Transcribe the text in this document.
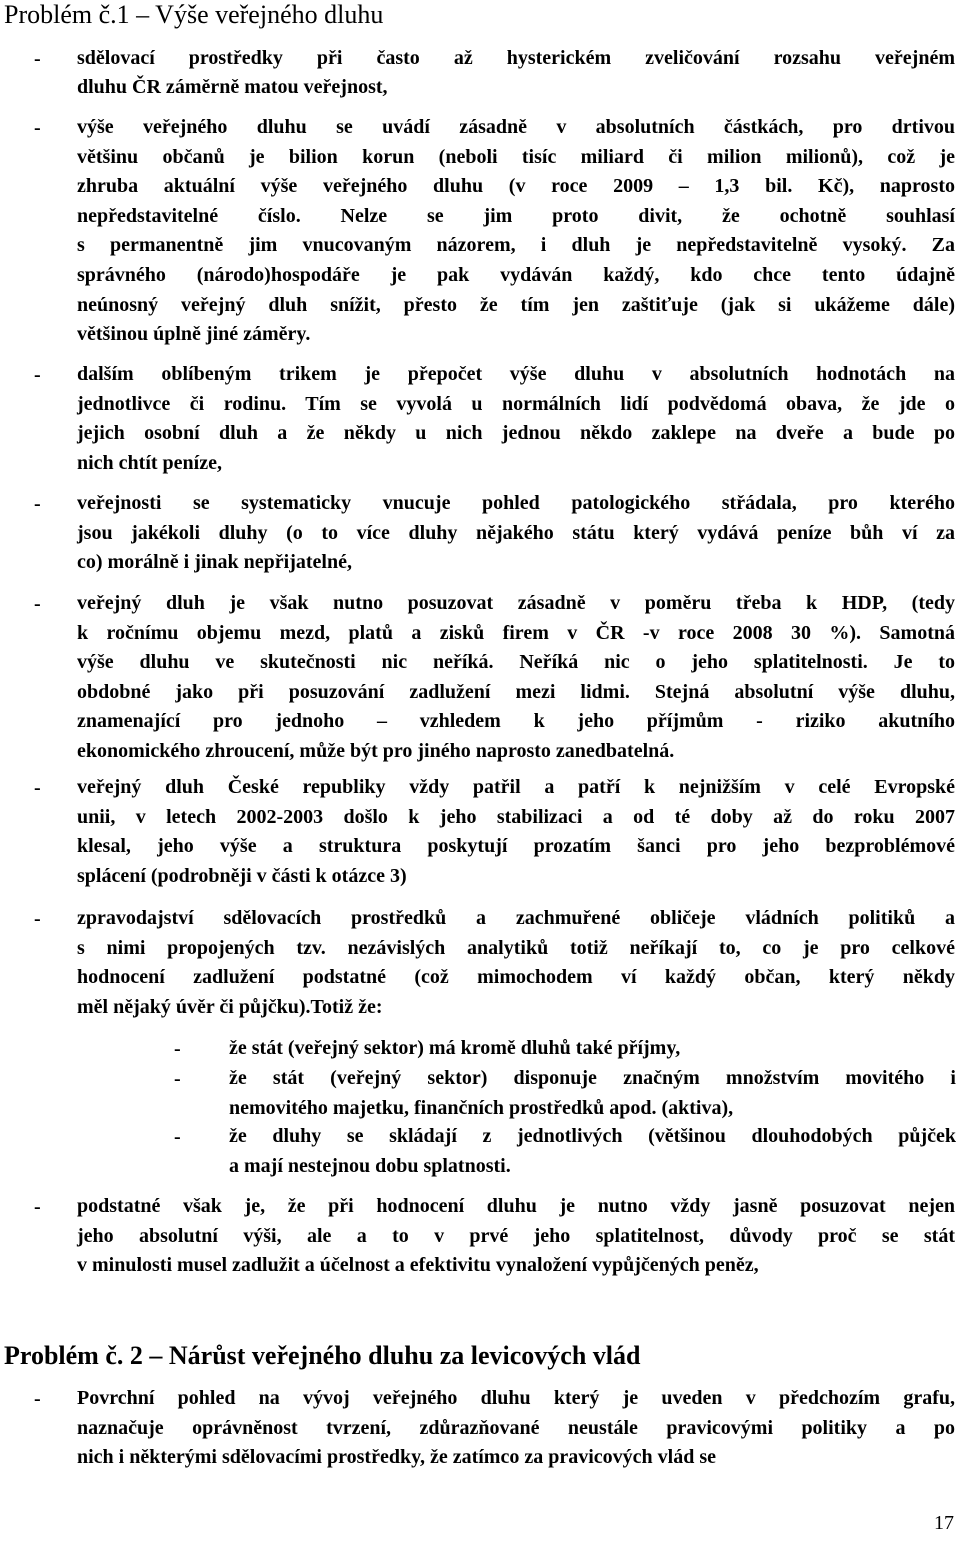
Problém č.1 – Výše veřejného dluhu
- sdělovací prostředky při často až hysterickém zveličování rozsahu veřejném
dluhu ČR záměrně matou veřejnost,
- výše veřejného dluhu se uvádí zásadně v absolutních částkách, pro drtivou
většinu občanů je bilion korun (neboli tisíc miliard či milion milionů), což je
zhruba aktuální výše veřejného dluhu (v roce 2009 – 1,3 bil. Kč), naprosto
nepředstavitelné číslo. Nelze se jim proto divit, že ochotně souhlasí
s permanentně jim vnucovaným názorem, i dluh je nepředstavitelně vysoký. Za
správného (národo)hospodáře je pak vydáván každý, kdo chce tento údajně
neúnosný veřejný dluh snížit, přesto že tím jen zaštiťuje (jak si ukážeme dále)
většinou úplně jiné záměry.
- dalším oblíbeným trikem je přepočet výše dluhu v absolutních hodnotách na
jednotlivce či rodinu. Tím se vyvolá u normálních lidí podvědomá obava, že jde o
jejich osobní dluh a že někdy u nich jednou někdo zaklepe na dveře a bude po
nich chtít peníze,
- veřejnosti se systematicky vnucuje pohled patologického střádala, pro kterého
jsou jakékoli dluhy (o to více dluhy nějakého státu který vydává peníze bůh ví za
co) morálně i jinak nepřijatelné,
- veřejný dluh je však nutno posuzovat zásadně v poměru třeba k HDP, (tedy
k ročnímu objemu mezd, platů a zisků firem v ČR -v roce 2008 30 %). Samotná
výše dluhu ve skutečnosti nic neříká. Neříká nic o jeho splatitelnosti. Je to
obdobné jako při posuzování zadlužení mezi lidmi. Stejná absolutní výše dluhu,
znamenající pro jednoho – vzhledem k jeho příjmům - riziko akutního
ekonomického zhroucení, může být pro jiného naprosto zanedbatelná.
- veřejný dluh České republiky vždy patřil a patří k nejnižším v celé Evropské
unii, v letech 2002-2003 došlo k jeho stabilizaci a od té doby až do roku 2007
klesal, jeho výše a struktura poskytují prozatím šanci pro jeho bezproblémové
splácení (podrobněji v části k otázce 3)
- zpravodajství sdělovacích prostředků a zachmuřené obličeje vládních politiků a
s nimi propojených tzv. nezávislých analytiků totiž neříkají to, co je pro celkové
hodnocení zadlužení podstatné (což mimochodem ví každý občan, který někdy
měl nějaký úvěr či půjčku).Totiž že:
- podstatné však je, že při hodnocení dluhu je nutno vždy jasně posuzovat nejen
jeho absolutní výši, ale a to v prvé jeho splatitelnost, důvody proč se stát
v minulosti musel zadlužit a účelnost a efektivitu vynaložení vypůjčených peněz,
- Povrchní pohled na vývoj veřejného dluhu který je uveden v předchozím grafu,
naznačuje oprávněnost tvrzení, zdůrazňované neustále pravicovými politiky a po
nich i některými sdělovacími prostředky, že zatímco za pravicových vlád se
- že stát (veřejný sektor) má kromě dluhů také příjmy,
- že stát (veřejný sektor) disponuje značným množstvím movitého i
nemovitého majetku, finančních prostředků apod. (aktiva),
- že dluhy se skládají z jednotlivých (většinou dlouhodobých půjček
a mají nestejnou dobu splatnosti.
Problém č. 2 – Nárůst veřejného dluhu za levicových vlád
17
